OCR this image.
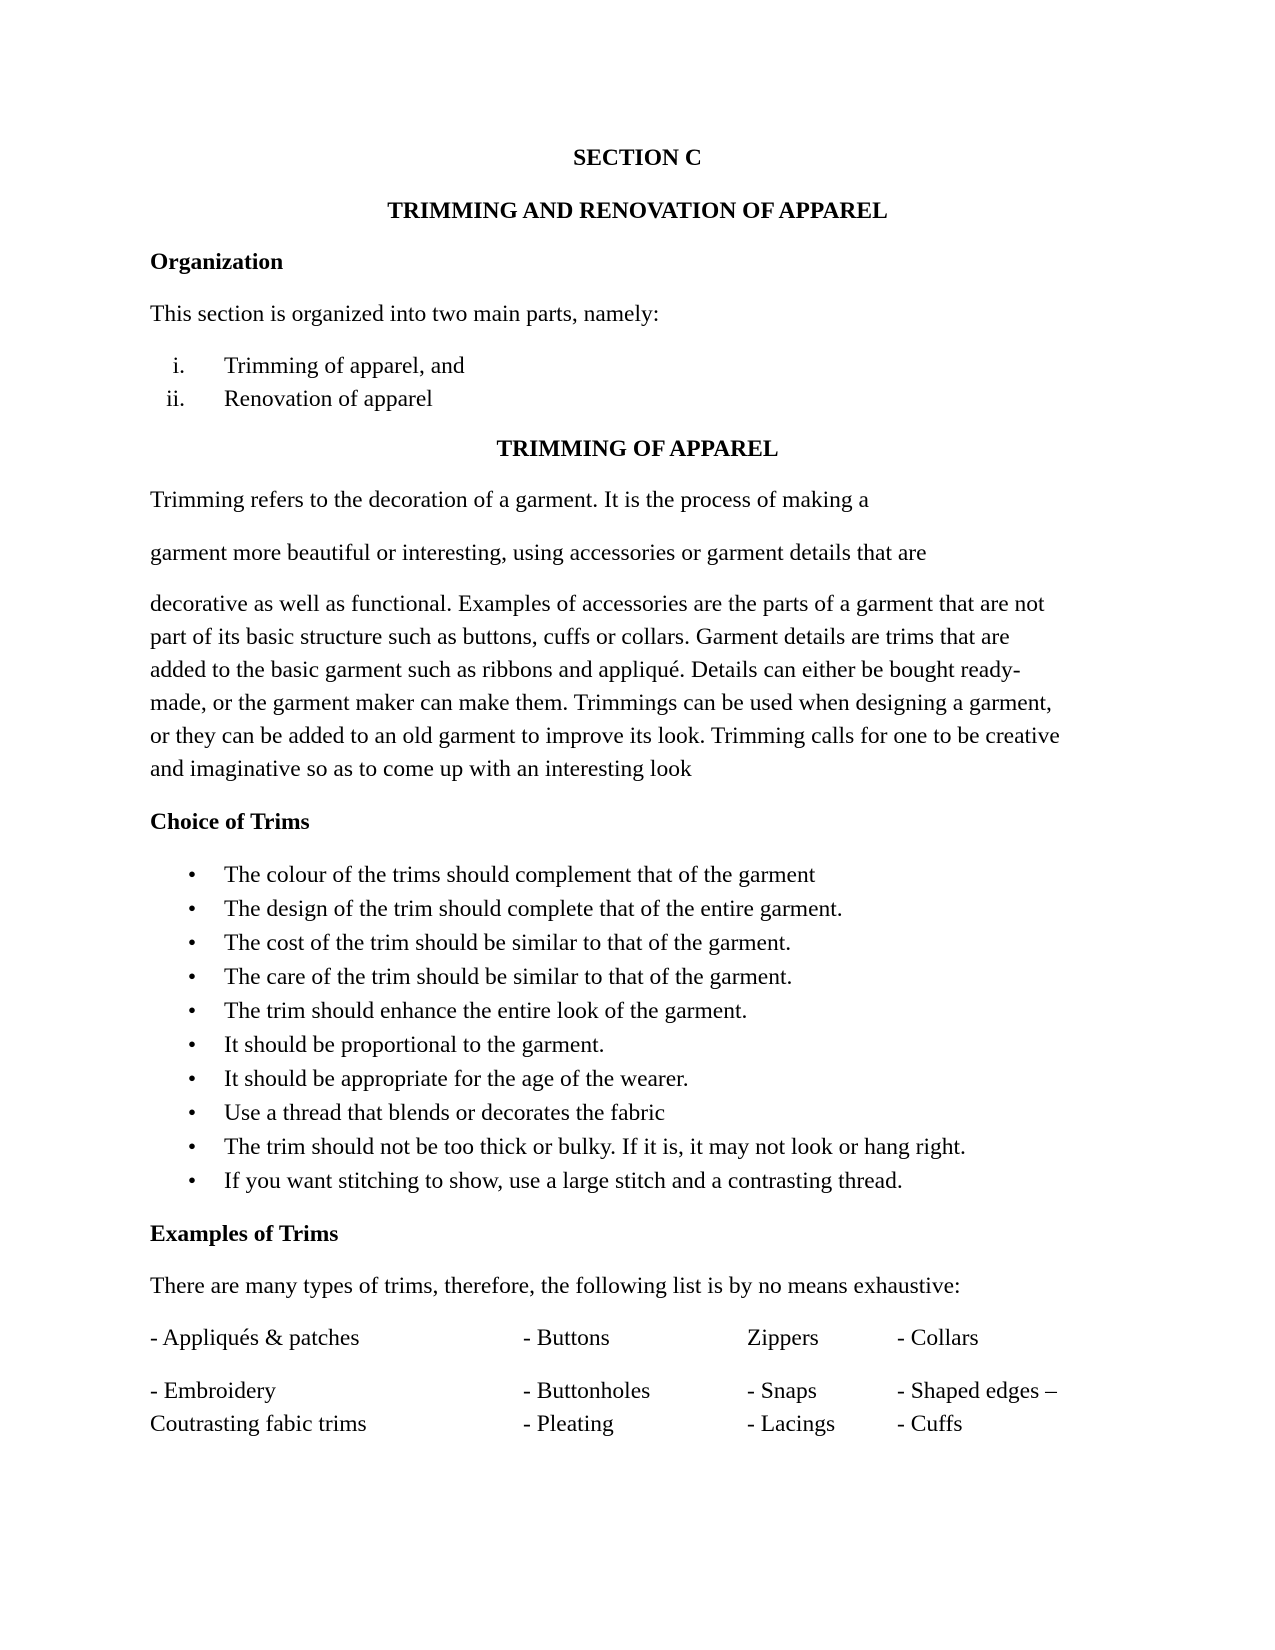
SECTION C
TRIMMING AND RENOVATION OF APPAREL
Organization
This section is organized into two main parts, namely:
i. Trimming of apparel, and
ii. Renovation of apparel
TRIMMING OF APPAREL
Trimming refers to the decoration of a garment. It is the process of making a
garment more beautiful or interesting, using accessories or garment details that are
decorative as well as functional. Examples of accessories are the parts of a garment that are not
part of its basic structure such as buttons, cuffs or collars. Garment details are trims that are
added to the basic garment such as ribbons and appliqué. Details can either be bought ready-
made, or the garment maker can make them. Trimmings can be used when designing a garment,
or they can be added to an old garment to improve its look. Trimming calls for one to be creative
and imaginative so as to come up with an interesting look
Choice of Trims
• The colour of the trims should complement that of the garment
• The design of the trim should complete that of the entire garment.
• The cost of the trim should be similar to that of the garment.
• The care of the trim should be similar to that of the garment.
• The trim should enhance the entire look of the garment.
• It should be proportional to the garment.
• It should be appropriate for the age of the wearer.
• Use a thread that blends or decorates the fabric
• The trim should not be too thick or bulky. If it is, it may not look or hang right.
• If you want stitching to show, use a large stitch and a contrasting thread.
Examples of Trims
There are many types of trims, therefore, the following list is by no means exhaustive:
- Appliqués & patches	- Buttons	Zippers	- Collars
- Embroidery	- Buttonholes	- Snaps	- Shaped edges –
Coutrasting fabic trims	- Pleating	- Lacings	- Cuffs
